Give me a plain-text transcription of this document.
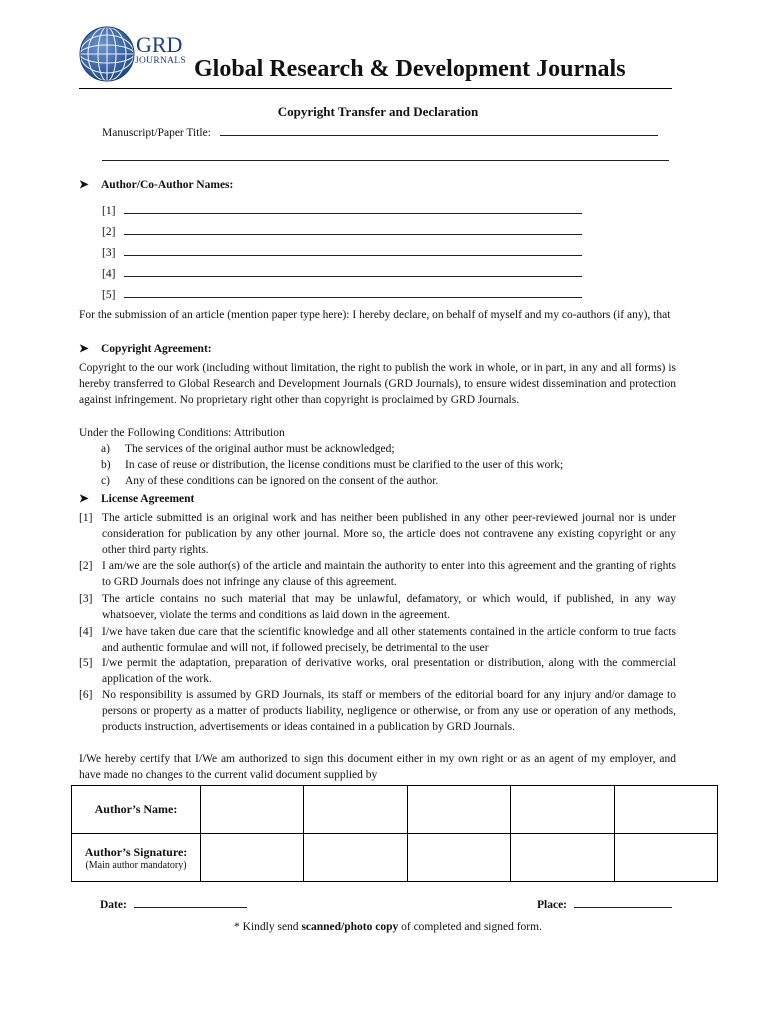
GRD
JOURNALS Global Research & Development Journals
Copyright Transfer and Declaration
Manuscript/Paper Title:
➤ Author/Co-Author Names:
[1]
[2]
[3]
[4]
[5]
For the submission of an article (mention paper type here): I hereby declare, on behalf of myself and my co-authors (if any), that
➤ Copyright Agreement:
Copyright to the our work (including without limitation, the right to publish the work in whole, or in part, in any and all forms) is hereby transferred to Global Research and Development Journals (GRD Journals), to ensure widest dissemination and protection against infringement. No proprietary right other than copyright is proclaimed by GRD Journals.
Under the Following Conditions: Attribution
a) The services of the original author must be acknowledged;
b) In case of reuse or distribution, the license conditions must be clarified to the user of this work;
c) Any of these conditions can be ignored on the consent of the author.
➤ License Agreement
[1] The article submitted is an original work and has neither been published in any other peer-reviewed journal nor is under consideration for publication by any other journal. More so, the article does not contravene any existing copyright or any other third party rights.
[2] I am/we are the sole author(s) of the article and maintain the authority to enter into this agreement and the granting of rights to GRD Journals does not infringe any clause of this agreement.
[3] The article contains no such material that may be unlawful, defamatory, or which would, if published, in any way whatsoever, violate the terms and conditions as laid down in the agreement.
[4] I/we have taken due care that the scientific knowledge and all other statements contained in the article conform to true facts and authentic formulae and will not, if followed precisely, be detrimental to the user
[5] I/we permit the adaptation, preparation of derivative works, oral presentation or distribution, along with the commercial application of the work.
[6] No responsibility is assumed by GRD Journals, its staff or members of the editorial board for any injury and/or damage to persons or property as a matter of products liability, negligence or otherwise, or from any use or operation of any methods, products instruction, advertisements or ideas contained in a publication by GRD Journals.
I/We hereby certify that I/We am authorized to sign this document either in my own right or as an agent of my employer, and have made no changes to the current valid document supplied by
Author’s Name:					
Author’s Signature:
(Main author mandatory)					

Date:	Place:
* Kindly send scanned/photo copy of completed and signed form.
